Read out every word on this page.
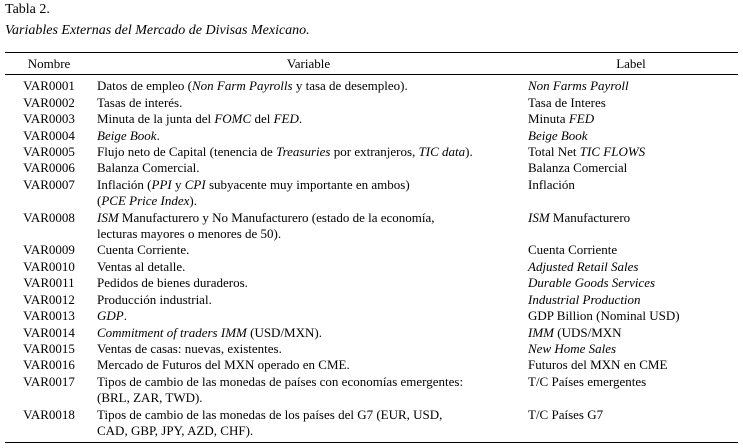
Tabla 2.
Variables Externas del Mercado de Divisas Mexicano.
Nombre	Variable	Label
VAR0001	Datos de empleo (Non Farm Payrolls y tasa de desempleo).	Non Farms Payroll
VAR0002	Tasas de interés.	Tasa de Interes
VAR0003	Minuta de la junta del FOMC del FED.	Minuta FED
VAR0004	Beige Book.	Beige Book
VAR0005	Flujo neto de Capital (tenencia de Treasuries por extranjeros, TIC data).	Total Net TIC FLOWS
VAR0006	Balanza Comercial.	Balanza Comercial
VAR0007	Inflación (PPI y CPI subyacente muy importante en ambos)
(PCE Price Index).	Inflación
VAR0008	ISM Manufacturero y No Manufacturero (estado de la economía,
lecturas mayores o menores de 50).	ISM Manufacturero
VAR0009	Cuenta Corriente.	Cuenta Corriente
VAR0010	Ventas al detalle.	Adjusted Retail Sales
VAR0011	Pedidos de bienes duraderos.	Durable Goods Services
VAR0012	Producción industrial.	Industrial Production
VAR0013	GDP.	GDP Billion (Nominal USD)
VAR0014	Commitment of traders IMM (USD/MXN).	IMM (UDS/MXN
VAR0015	Ventas de casas: nuevas, existentes.	New Home Sales
VAR0016	Mercado de Futuros del MXN operado en CME.	Futuros del MXN en CME
VAR0017	Tipos de cambio de las monedas de países con economías emergentes:
(BRL, ZAR, TWD).	T/C Países emergentes
VAR0018	Tipos de cambio de las monedas de los países del G7 (EUR, USD,
CAD, GBP, JPY, AZD, CHF).	T/C Países G7
